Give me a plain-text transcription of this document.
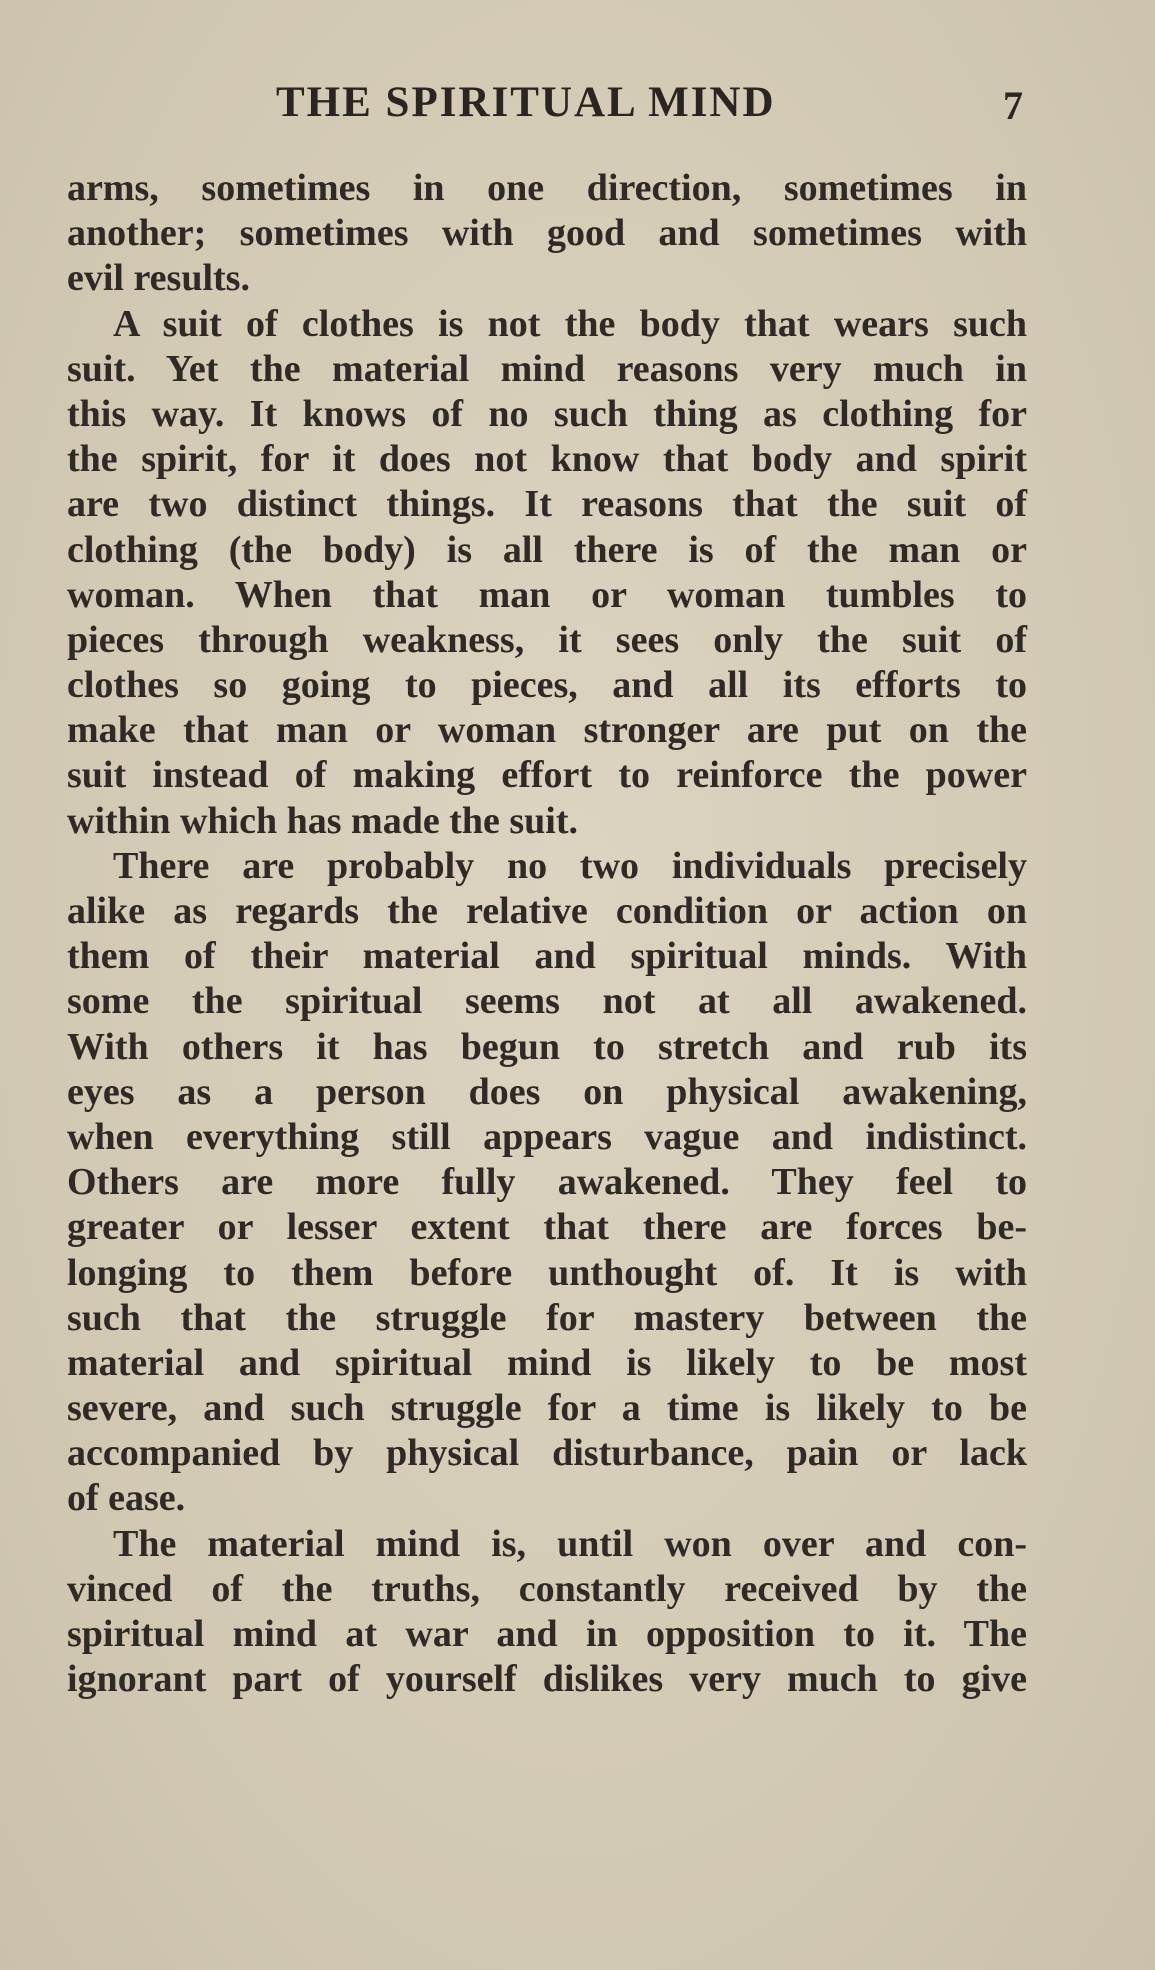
THE SPIRITUAL MIND	7
arms, sometimes in one direction, sometimes in
another; sometimes with good and sometimes with
evil results.
A suit of clothes is not the body that wears such
suit. Yet the material mind reasons very much in
this way. It knows of no such thing as clothing for
the spirit, for it does not know that body and spirit
are two distinct things. It reasons that the suit of
clothing (the body) is all there is of the man or
woman. When that man or woman tumbles to
pieces through weakness, it sees only the suit of
clothes so going to pieces, and all its efforts to
make that man or woman stronger are put on the
suit instead of making effort to reinforce the power
within which has made the suit.
There are probably no two individuals precisely
alike as regards the relative condition or action on
them of their material and spiritual minds. With
some the spiritual seems not at all awakened.
With others it has begun to stretch and rub its
eyes as a person does on physical awakening,
when everything still appears vague and indistinct.
Others are more fully awakened. They feel to
greater or lesser extent that there are forces be-
longing to them before unthought of. It is with
such that the struggle for mastery between the
material and spiritual mind is likely to be most
severe, and such struggle for a time is likely to be
accompanied by physical disturbance, pain or lack
of ease.
The material mind is, until won over and con-
vinced of the truths, constantly received by the
spiritual mind at war and in opposition to it. The
ignorant part of yourself dislikes very much to give
